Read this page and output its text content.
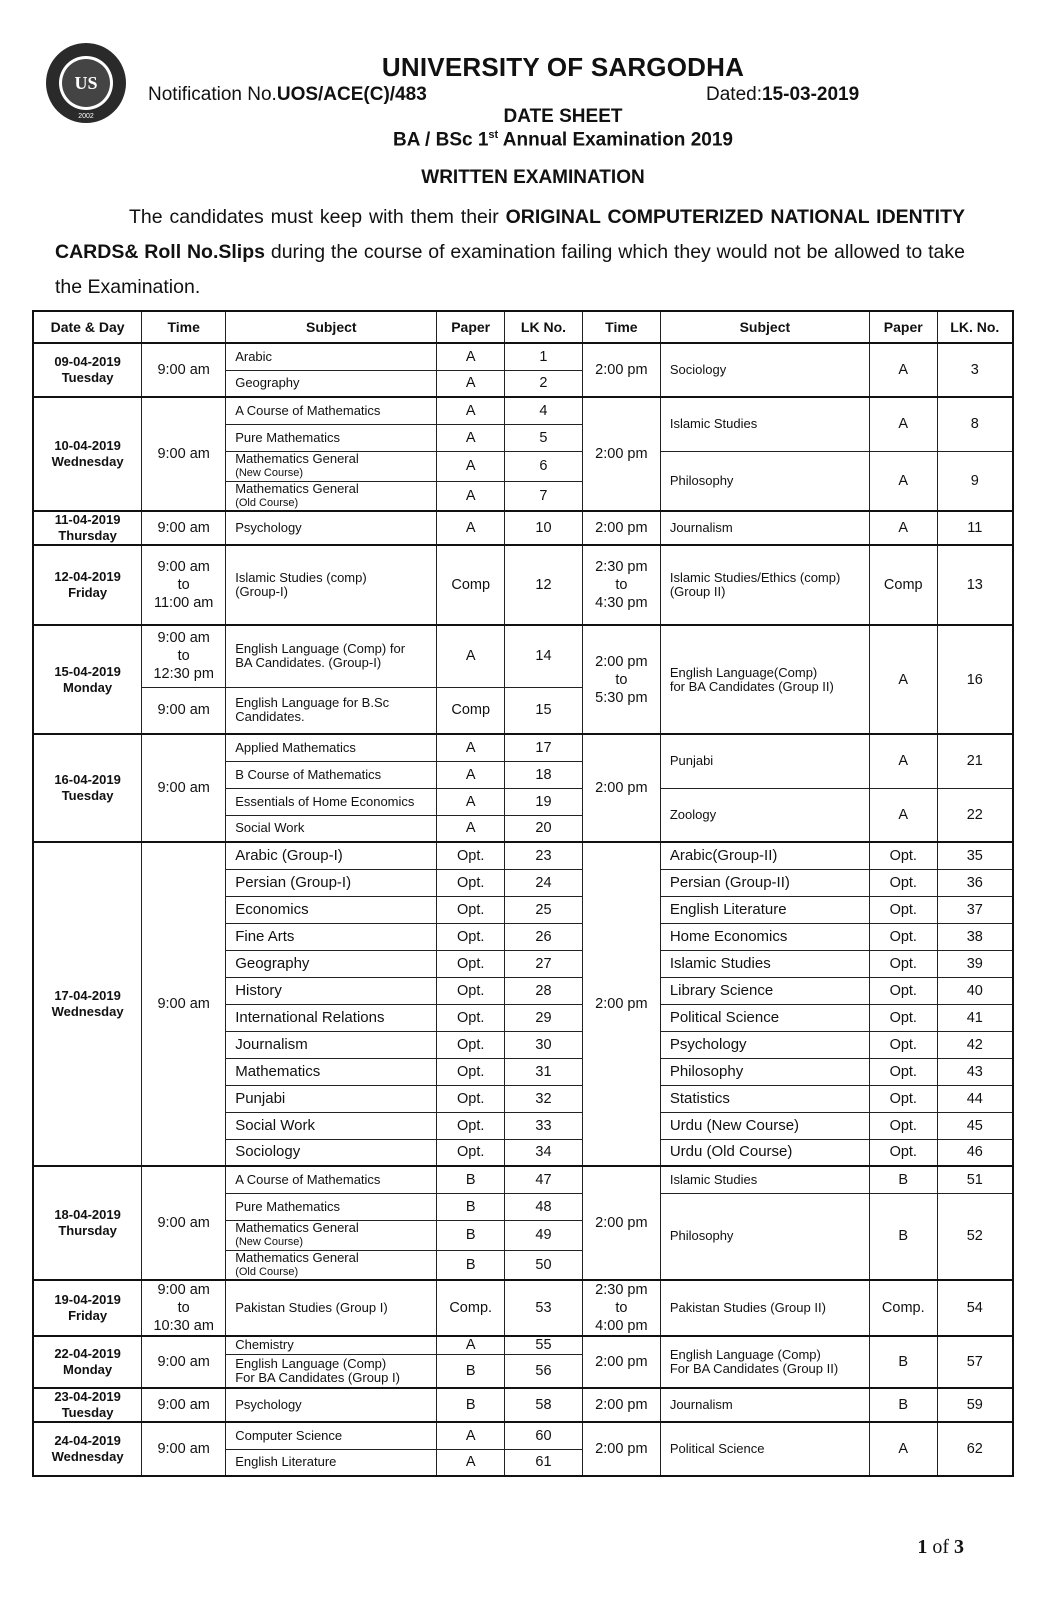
US
2002
UNIVERSITY OF SARGODHA
Notification No.UOS/ACE(C)/483	Dated:15-03-2019
DATE SHEET
BA / BSc 1st Annual Examination 2019
WRITTEN EXAMINATION
The candidates must keep with them their ORIGINAL COMPUTERIZED NATIONAL IDENTITY CARDS& Roll No.Slips during the course of examination failing which they would not be allowed to take the Examination.
Date & Day	Time	Subject	Paper	LK No.	Time	Subject	Paper	LK. No.
09-04-2019
Tuesday	9:00 am	Arabic	A	1	2:00 pm	Sociology	A	3
		Geography	A	2				
10-04-2019
Wednesday	9:00 am	A Course of Mathematics	A	4	2:00 pm	Islamic Studies	A	8
		Pure Mathematics	A	5				
		Mathematics General

(New Course)	A	6		Philosophy	A	9
		Mathematics General

(Old Course)	A	7				
11-04-2019
Thursday	9:00 am	Psychology	A	10	2:00 pm	Journalism	A	11
12-04-2019
Friday	9:00 am
to
11:00 am	Islamic Studies (comp)
(Group-I)	Comp	12	2:30 pm
to
4:30 pm	Islamic Studies/Ethics (comp)
(Group II)	Comp	13
15-04-2019
Monday	9:00 am
to
12:30 pm	English Language (Comp) for
BA Candidates. (Group-I)	A	14	2:00 pm
to
5:30 pm	English Language(Comp)
for BA Candidates (Group II)	A	16
	9:00 am	English Language for B.Sc
Candidates.	Comp	15				
16-04-2019
Tuesday	9:00 am	Applied Mathematics	A	17	2:00 pm	Punjabi	A	21
		B Course of Mathematics	A	18				
		Essentials of Home Economics	A	19		Zoology	A	22
		Social Work	A	20				
17-04-2019
Wednesday	9:00 am	Arabic (Group-I)	Opt.	23	2:00 pm	Arabic(Group-II)	Opt.	35
		Persian (Group-I)	Opt.	24		Persian (Group-II)	Opt.	36
		Economics	Opt.	25		English Literature	Opt.	37
		Fine Arts	Opt.	26		Home Economics	Opt.	38
		Geography	Opt.	27		Islamic Studies	Opt.	39
		History	Opt.	28		Library Science	Opt.	40
		International Relations	Opt.	29		Political Science	Opt.	41
		Journalism	Opt.	30		Psychology	Opt.	42
		Mathematics	Opt.	31		Philosophy	Opt.	43
		Punjabi	Opt.	32		Statistics	Opt.	44
		Social Work	Opt.	33		Urdu (New Course)	Opt.	45
		Sociology	Opt.	34		Urdu (Old Course)	Opt.	46
18-04-2019
Thursday	9:00 am	A Course of Mathematics	B	47	2:00 pm	Islamic Studies	B	51
		Pure Mathematics	B	48		Philosophy	B	52
		Mathematics General

(New Course)	B	49				
		Mathematics General

(Old Course)	B	50				
19-04-2019
Friday	9:00 am
to
10:30 am	Pakistan Studies (Group I)	Comp.	53	2:30 pm
to
4:00 pm	Pakistan Studies (Group II)	Comp.	54
22-04-2019
Monday	9:00 am	Chemistry	A	55	2:00 pm	English Language (Comp)
For BA Candidates (Group II)	B	57
		English Language (Comp)
For BA Candidates (Group I)	B	56				
23-04-2019
Tuesday	9:00 am	Psychology	B	58	2:00 pm	Journalism	B	59
24-04-2019
Wednesday	9:00 am	Computer Science	A	60	2:00 pm	Political Science	A	62
		English Literature	A	61				
1 of 3
